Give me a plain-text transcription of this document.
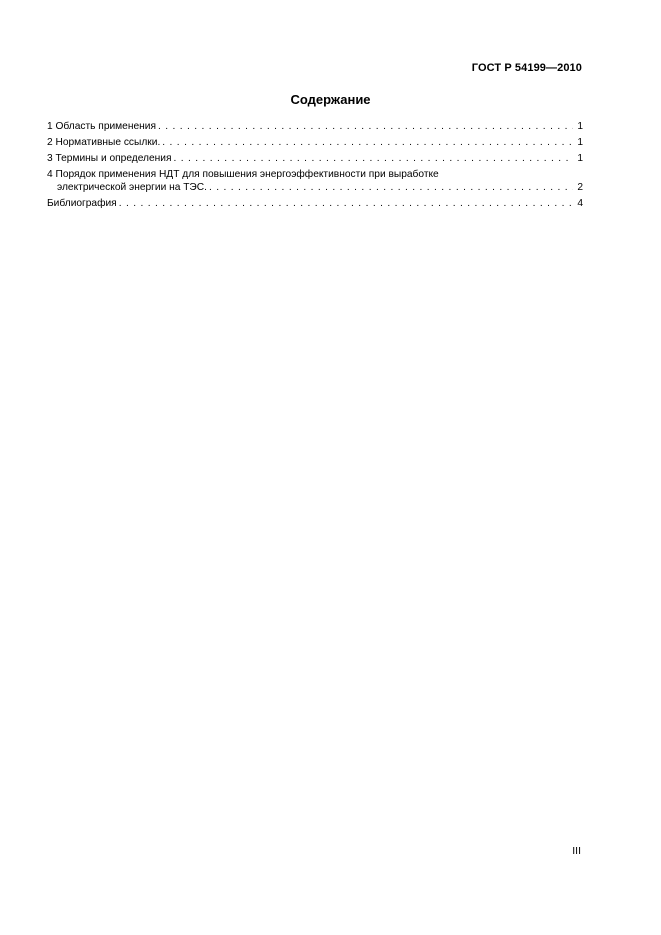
ГОСТ Р 54199—2010
Содержание
1 Область применения . . .	1
2 Нормативные ссылки. . . .	1
3 Термины и определения . . .	1
4 Порядок применения НДТ для повышения энергоэффективности при выработке
электрической энергии на ТЭС. . . .	2
Библиография . . .	4
III
